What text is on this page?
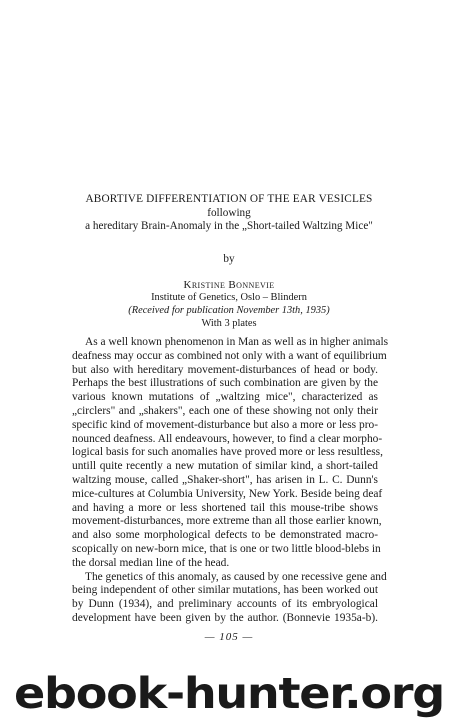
ABORTIVE DIFFERENTIATION OF THE EAR VESICLES
following
a hereditary Brain-Anomaly in the „Short-tailed Waltzing Mice"
by
Kristine Bonnevie
Institute of Genetics, Oslo – Blindern
(Received for publication November 13th, 1935)
With 3 plates
As a well known phenomenon in Man as well as in higher animals
deafness may occur as combined not only with a want of equilibrium
but also with hereditary movement-disturbances of head or body.
Perhaps the best illustrations of such combination are given by the
various known mutations of „waltzing mice", characterized as
„circlers" and „shakers", each one of these showing not only their
specific kind of movement-disturbance but also a more or less pro-
nounced deafness. All endeavours, however, to find a clear morpho-
logical basis for such anomalies have proved more or less resultless,
untill quite recently a new mutation of similar kind, a short-tailed
waltzing mouse, called „Shaker-short", has arisen in L. C. Dunn's
mice-cultures at Columbia University, New York. Beside being deaf
and having a more or less shortened tail this mouse-tribe shows
movement-disturbances, more extreme than all those earlier known,
and also some morphological defects to be demonstrated macro-
scopically on new-born mice, that is one or two little blood-blebs in
the dorsal median line of the head.
The genetics of this anomaly, as caused by one recessive gene and
being independent of other similar mutations, has been worked out
by Dunn (1934), and preliminary accounts of its embryological
development have been given by the author. (Bonnevie 1935a-b).
— 105 —
ebook-hunter.org
